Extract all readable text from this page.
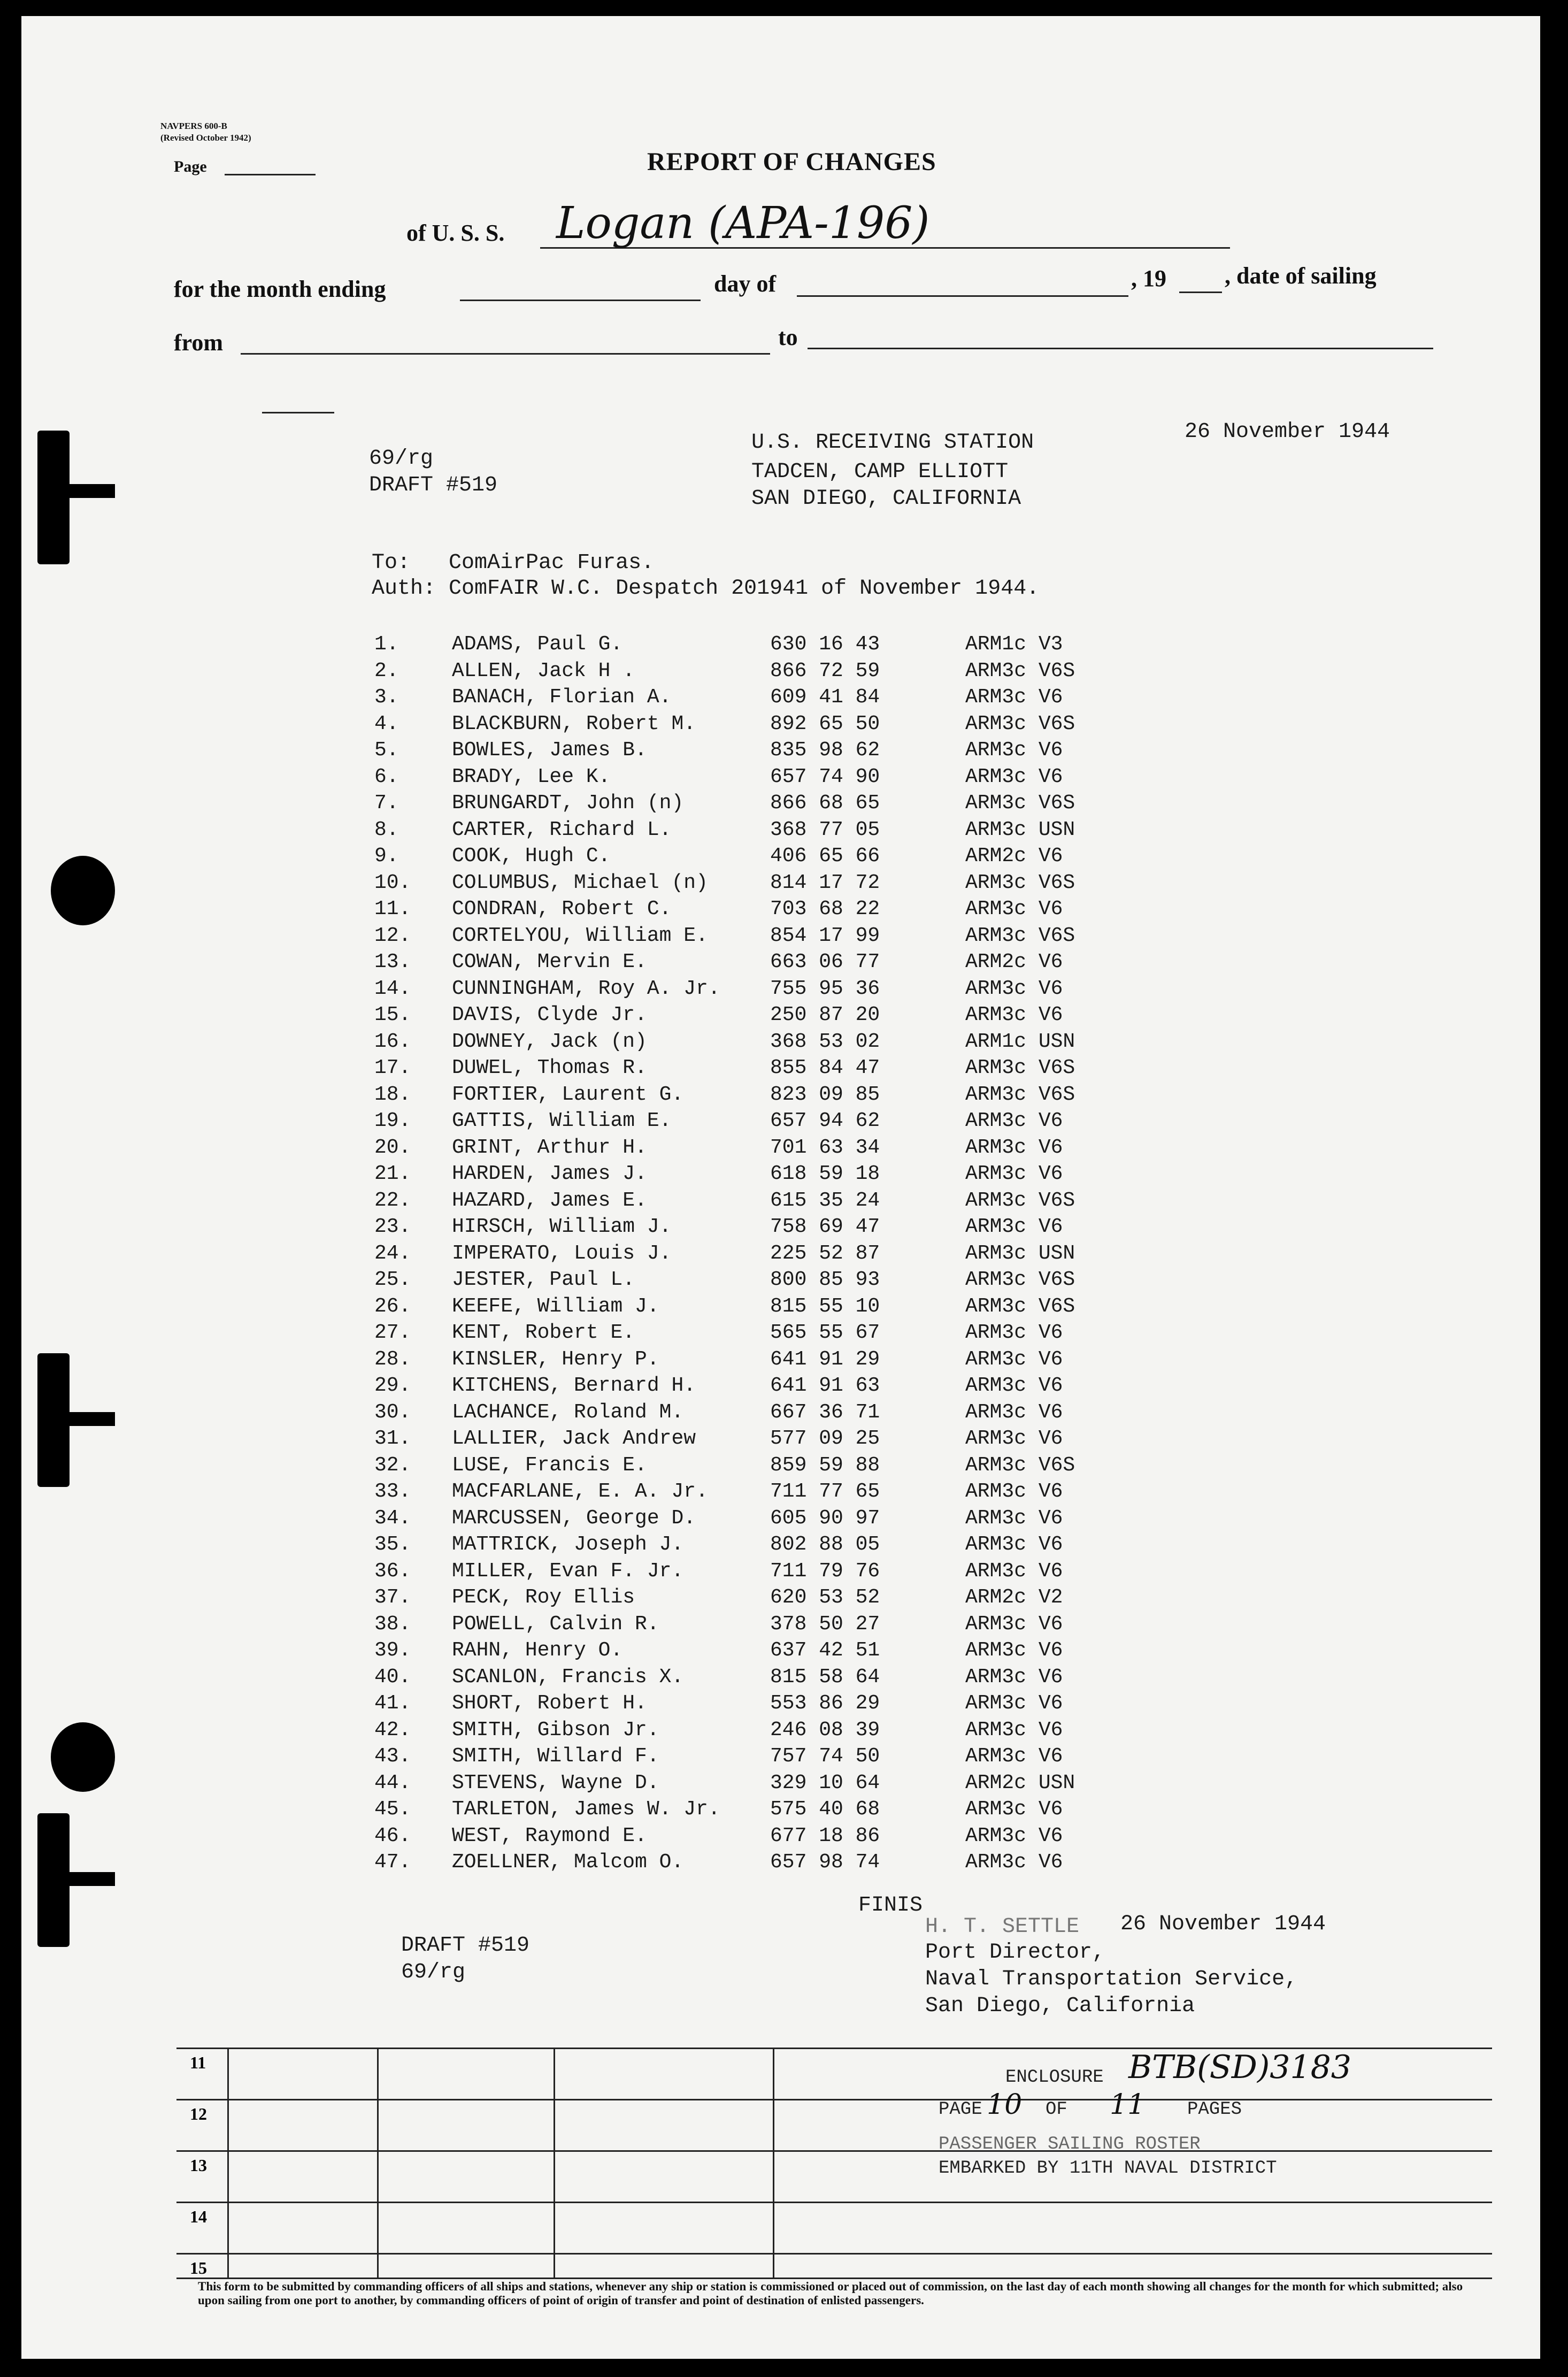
NAVPERS 600-B
(Revised October 1942)
Page	REPORT OF CHANGES
of U. S. S. Logan (APA-196)
for the month ending	day of	, 19 , date of sailing
from	to
69/rg
DRAFT #519
U.S. RECEIVING STATION
TADCEN, CAMP ELLIOTT
SAN DIEGO, CALIFORNIA
26 November 1944
To:   ComAirPac Furas.
Auth: ComFAIR W.C. Despatch 201941 of November 1944.
1.	ADAMS, Paul G.	630 16 43	ARM1c V3
2.	ALLEN, Jack H .	866 72 59	ARM3c V6S
3.	BANACH, Florian A.	609 41 84	ARM3c V6
4.	BLACKBURN, Robert M.	892 65 50	ARM3c V6S
5.	BOWLES, James B.	835 98 62	ARM3c V6
6.	BRADY, Lee K.	657 74 90	ARM3c V6
7.	BRUNGARDT, John (n)	866 68 65	ARM3c V6S
8.	CARTER, Richard L.	368 77 05	ARM3c USN
9.	COOK, Hugh C.	406 65 66	ARM2c V6
10. COLUMBUS, Michael (n)	814 17 72	ARM3c V6S
11. CONDRAN, Robert C.	703 68 22	ARM3c V6
12. CORTELYOU, William E.	854 17 99	ARM3c V6S
13. COWAN, Mervin E.	663 06 77	ARM2c V6
14. CUNNINGHAM, Roy A. Jr. 755 95 36	ARM3c V6
15. DAVIS, Clyde Jr.	250 87 20	ARM3c V6
16. DOWNEY, Jack (n)	368 53 02	ARM1c USN
17. DUWEL, Thomas R.	855 84 47	ARM3c V6S
18. FORTIER, Laurent G.	823 09 85	ARM3c V6S
19. GATTIS, William E.	657 94 62	ARM3c V6
20. GRINT, Arthur H.	701 63 34	ARM3c V6
21. HARDEN, James J.	618 59 18	ARM3c V6
22. HAZARD, James E.	615 35 24	ARM3c V6S
23. HIRSCH, William J.	758 69 47	ARM3c V6
24. IMPERATO, Louis J.	225 52 87	ARM3c USN
25. JESTER, Paul L.	800 85 93	ARM3c V6S
26. KEEFE, William J.	815 55 10	ARM3c V6S
27. KENT, Robert E.	565 55 67	ARM3c V6
28. KINSLER, Henry P.	641 91 29	ARM3c V6
29. KITCHENS, Bernard H.	641 91 63	ARM3c V6
30. LACHANCE, Roland M.	667 36 71	ARM3c V6
31. LALLIER, Jack Andrew	577 09 25	ARM3c V6
32. LUSE, Francis E.	859 59 88	ARM3c V6S
33. MACFARLANE, E. A. Jr.	711 77 65	ARM3c V6
34. MARCUSSEN, George D.	605 90 97	ARM3c V6
35. MATTRICK, Joseph J.	802 88 05	ARM3c V6
36. MILLER, Evan F. Jr.	711 79 76	ARM3c V6
37. PECK, Roy Ellis	620 53 52	ARM2c V2
38. POWELL, Calvin R.	378 50 27	ARM3c V6
39. RAHN, Henry O.	637 42 51	ARM3c V6
40. SCANLON, Francis X.	815 58 64	ARM3c V6
41. SHORT, Robert H.	553 86 29	ARM3c V6
42. SMITH, Gibson Jr.	246 08 39	ARM3c V6
43. SMITH, Willard F.	757 74 50	ARM3c V6
44. STEVENS, Wayne D.	329 10 64	ARM2c USN
45. TARLETON, James W. Jr. 575 40 68	ARM3c V6
46. WEST, Raymond E.	677 18 86	ARM3c V6
47. ZOELLNER, Malcom O.	657 98 74	ARM3c V6
FINIS
DRAFT #519
69/rg
H. T. SETTLE 26 November 1944
Port Director,
Naval Transportation Service,
San Diego, California
11
12
13
14
15
ENCLOSURE BTB(SD)3183
PAGE 10 OF 11 PAGES
PASSENGER SAILING ROSTER
EMBARKED BY 11TH NAVAL DISTRICT
This form to be submitted by commanding officers of all ships and stations, whenever any ship or station is commissioned or placed out of commission, on the last day of each month showing all changes for the month for which submitted; also upon sailing from one port to another, by commanding officers of point of origin of transfer and point of destination of enlisted passengers.
